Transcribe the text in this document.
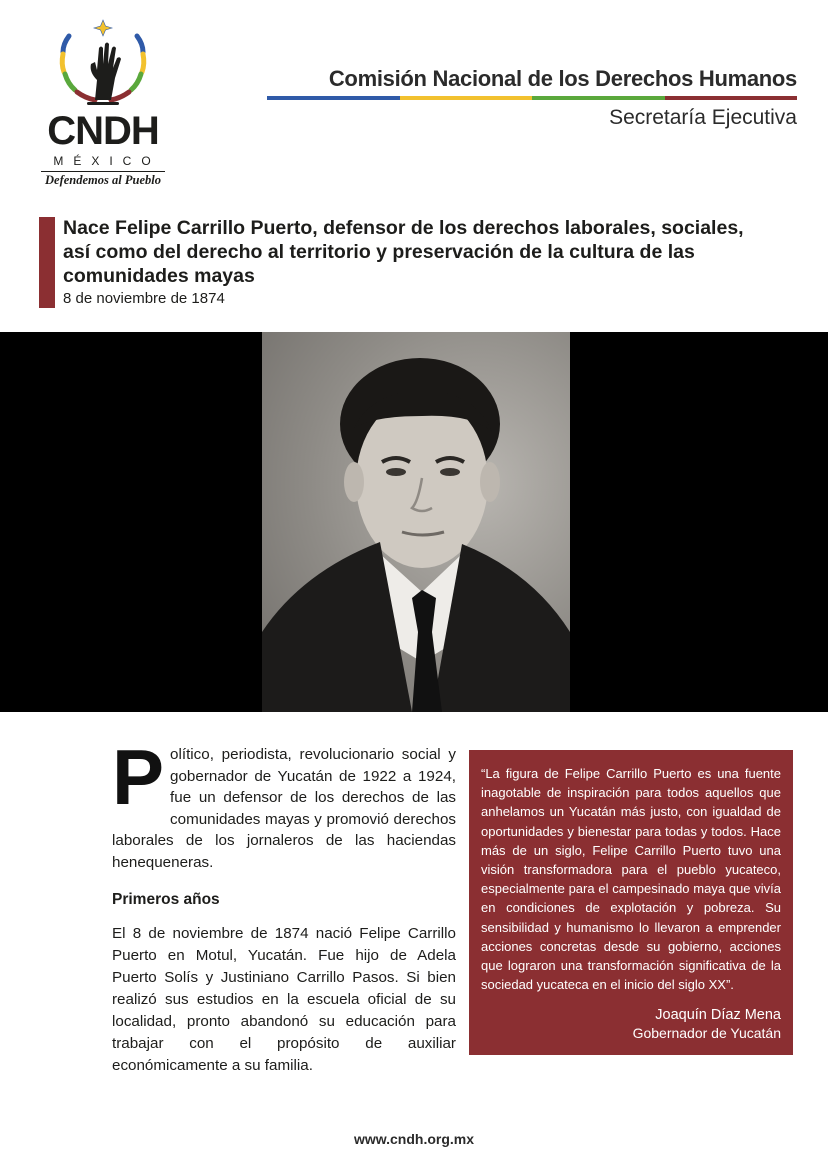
CNDH
MÉXICO
Defendemos al Pueblo
Comisión Nacional de los Derechos Humanos
Secretaría Ejecutiva
Nace Felipe Carrillo Puerto, defensor de los derechos laborales, sociales, así como del derecho al territorio y preservación de la cultura de las comunidades mayas
8 de noviembre de 1874

Político, periodista, revolucionario social y gobernador de Yucatán de 1922 a 1924, fue un defensor de los derechos de las comunidades mayas y promovió derechos laborales de los jornaleros de las haciendas henequeneras.

Primeros años

El 8 de noviembre de 1874 nació Felipe Carrillo Puerto en Motul, Yucatán. Fue hijo de Adela Puerto Solís y Justiniano Carrillo Pasos. Si bien realizó sus estudios en la escuela oficial de su localidad, pronto abandonó su educación para trabajar con el propósito de auxiliar económicamente a su familia.

“La figura de Felipe Carrillo Puerto es una fuente inagotable de inspiración para todos aquellos que anhelamos un Yucatán más justo, con igualdad de oportunidades y bienestar para todas y todos. Hace más de un siglo, Felipe Carrillo Puerto tuvo una visión transformadora para el pueblo yucateco, especialmente para el campesinado maya que vivía en condiciones de explotación y pobreza. Su sensibilidad y humanismo lo llevaron a emprender acciones concretas desde su gobierno, acciones que lograron una transformación significativa de la sociedad yucateca en el inicio del siglo XX”.

Joaquín Díaz Mena
Gobernador de Yucatán
www.cndh.org.mx
